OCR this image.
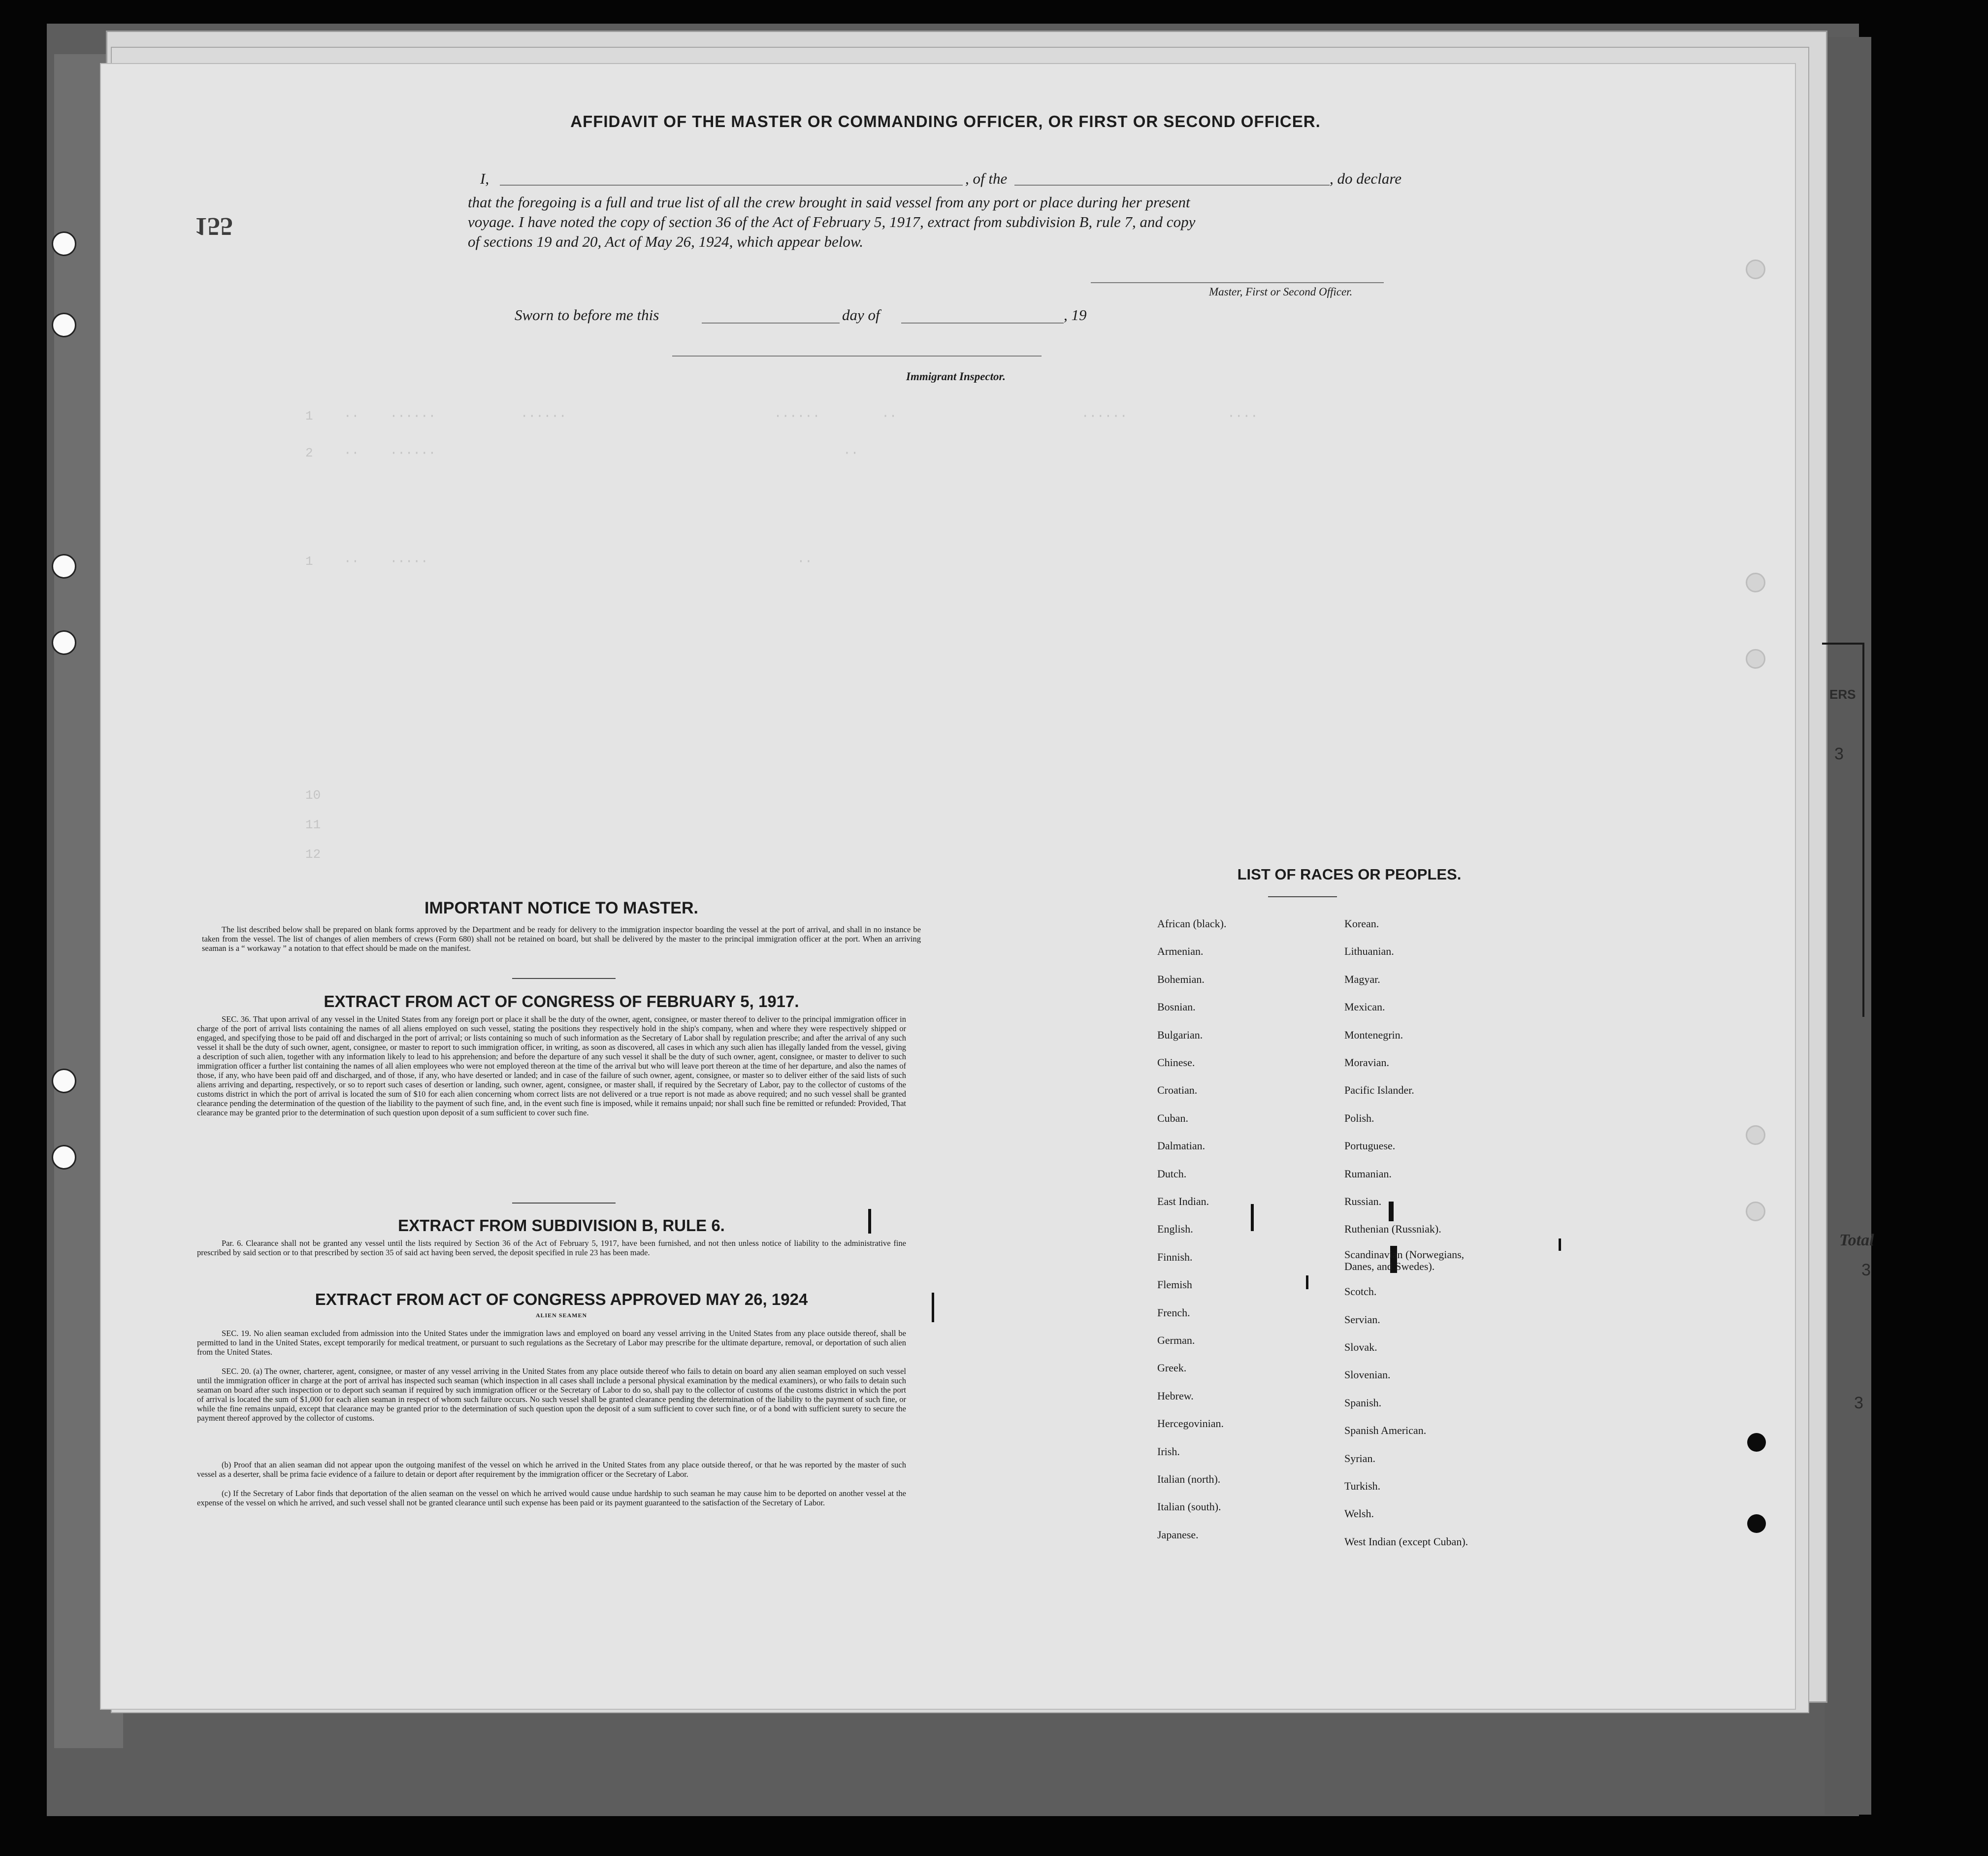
ERS
3
Total
3
3
1    ··    ······           ······                           ······        ··                        ······             ····
2    ··    ······                                                     ··
1    ··    ·····                                                ··
10
11
12
155
AFFIDAVIT OF THE MASTER OR COMMANDING OFFICER, OR FIRST OR SECOND OFFICER.
I,	, of the	, do declare
that the foregoing is a full and true list of all the crew brought in said vessel from any port or place during her present
voyage. I have noted the copy of section 36 of the Act of February 5, 1917, extract from subdivision B, rule 7, and copy
of sections 19 and 20, Act of May 26, 1924, which appear below.
Master, First or Second Officer.
Sworn to before me this	day of	, 19
Immigrant Inspector.
IMPORTANT NOTICE TO MASTER.
The list described below shall be prepared on blank forms approved by the Department and be ready for delivery to the immigration inspector boarding the vessel at the port of arrival, and shall in no instance be taken from the vessel. The list of changes of alien members of crews (Form 680) shall not be retained on board, but shall be delivered by the master to the principal immigration officer at the port. When an arriving seaman is a “ workaway ” a notation to that effect should be made on the manifest.
EXTRACT FROM ACT OF CONGRESS OF FEBRUARY 5, 1917.
SEC. 36. That upon arrival of any vessel in the United States from any foreign port or place it shall be the duty of the owner, agent, consignee, or master thereof to deliver to the principal immigration officer in charge of the port of arrival lists containing the names of all aliens employed on such vessel, stating the positions they respectively hold in the ship's company, when and where they were respectively shipped or engaged, and specifying those to be paid off and discharged in the port of arrival; or lists containing so much of such information as the Secretary of Labor shall by regulation prescribe; and after the arrival of any such vessel it shall be the duty of such owner, agent, consignee, or master to report to such immigration officer, in writing, as soon as discovered, all cases in which any such alien has illegally landed from the vessel, giving a description of such alien, together with any information likely to lead to his apprehension; and before the departure of any such vessel it shall be the duty of such owner, agent, consignee, or master to deliver to such immigration officer a further list containing the names of all alien employees who were not employed thereon at the time of the arrival but who will leave port thereon at the time of her departure, and also the names of those, if any, who have been paid off and discharged, and of those, if any, who have deserted or landed; and in case of the failure of such owner, agent, consignee, or master so to deliver either of the said lists of such aliens arriving and departing, respectively, or so to report such cases of desertion or landing, such owner, agent, consignee, or master shall, if required by the Secretary of Labor, pay to the collector of customs of the customs district in which the port of arrival is located the sum of $10 for each alien concerning whom correct lists are not delivered or a true report is not made as above required; and no such vessel shall be granted clearance pending the determination of the question of the liability to the payment of such fine, and, in the event such fine is imposed, while it remains unpaid; nor shall such fine be remitted or refunded: Provided, That clearance may be granted prior to the determination of such question upon deposit of a sum sufficient to cover such fine.
EXTRACT FROM SUBDIVISION B, RULE 6.
Par. 6. Clearance shall not be granted any vessel until the lists required by Section 36 of the Act of February 5, 1917, have been furnished, and not then unless notice of liability to the administrative fine prescribed by said section or to that prescribed by section 35 of said act having been served, the deposit specified in rule 23 has been made.
EXTRACT FROM ACT OF CONGRESS APPROVED MAY 26, 1924
ALIEN SEAMEN
SEC. 19. No alien seaman excluded from admission into the United States under the immigration laws and employed on board any vessel arriving in the United States from any place outside thereof, shall be permitted to land in the United States, except temporarily for medical treatment, or pursuant to such regulations as the Secretary of Labor may prescribe for the ultimate departure, removal, or deportation of such alien from the United States.
SEC. 20. (a) The owner, charterer, agent, consignee, or master of any vessel arriving in the United States from any place outside thereof who fails to detain on board any alien seaman employed on such vessel until the immigration officer in charge at the port of arrival has inspected such seaman (which inspection in all cases shall include a personal physical examination by the medical examiners), or who fails to detain such seaman on board after such inspection or to deport such seaman if required by such immigration officer or the Secretary of Labor to do so, shall pay to the collector of customs of the customs district in which the port of arrival is located the sum of $1,000 for each alien seaman in respect of whom such failure occurs. No such vessel shall be granted clearance pending the determination of the liability to the payment of such fine, or while the fine remains unpaid, except that clearance may be granted prior to the determination of such question upon the deposit of a sum sufficient to cover such fine, or of a bond with sufficient surety to secure the payment thereof approved by the collector of customs.
(b) Proof that an alien seaman did not appear upon the outgoing manifest of the vessel on which he arrived in the United States from any place outside thereof, or that he was reported by the master of such vessel as a deserter, shall be prima facie evidence of a failure to detain or deport after requirement by the immigration officer or the Secretary of Labor.
(c) If the Secretary of Labor finds that deportation of the alien seaman on the vessel on which he arrived would cause undue hardship to such seaman he may cause him to be deported on another vessel at the expense of the vessel on which he arrived, and such vessel shall not be granted clearance until such expense has been paid or its payment guaranteed to the satisfaction of the Secretary of Labor.
LIST OF RACES OR PEOPLES.
African (black).
Armenian.
Bohemian.
Bosnian.
Bulgarian.
Chinese.
Croatian.
Cuban.
Dalmatian.
Dutch.
East Indian.
English.
Finnish.
Flemish
French.
German.
Greek.
Hebrew.
Hercegovinian.
Irish.
Italian (north).
Italian (south).
Japanese.
Korean.
Lithuanian.
Magyar.
Mexican.
Montenegrin.
Moravian.
Pacific Islander.
Polish.
Portuguese.
Rumanian.
Russian.
Ruthenian (Russniak).
Scandinavian (Norwegians, Danes, and Swedes).
Scotch.
Servian.
Slovak.
Slovenian.
Spanish.
Spanish American.
Syrian.
Turkish.
Welsh.
West Indian (except Cuban).
